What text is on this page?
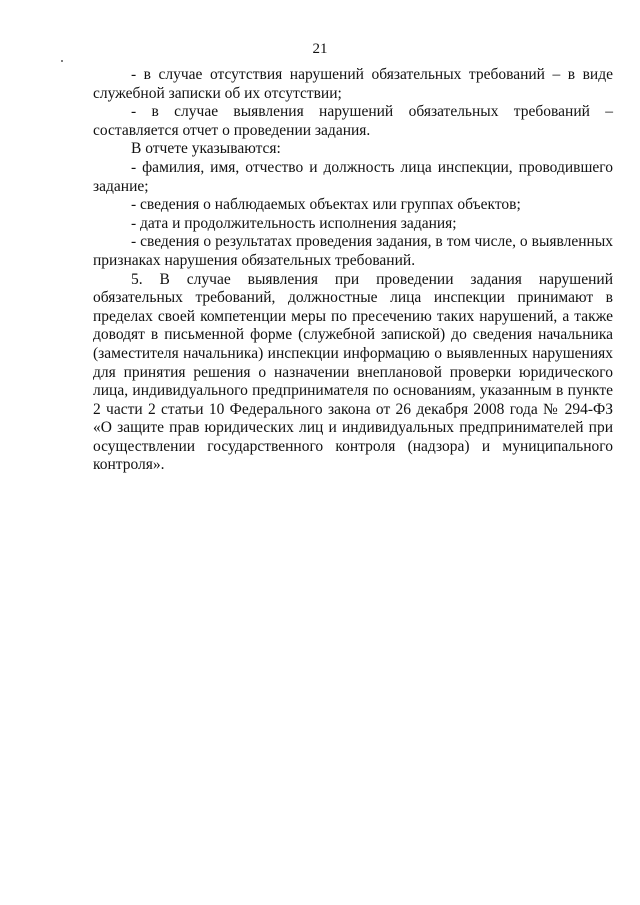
21

- в случае отсутствия нарушений обязательных требований – в виде служебной записки об их отсутствии;

- в случае выявления нарушений обязательных требований – составляется отчет о проведении задания.

В отчете указываются:

- фамилия, имя, отчество и должность лица инспекции, проводившего задание;

- сведения о наблюдаемых объектах или группах объектов;

- дата и продолжительность исполнения задания;

- сведения о результатах проведения задания, в том числе, о выявленных признаках нарушения обязательных требований.

5. В случае выявления при проведении задания нарушений обязательных требований, должностные лица инспекции принимают в пределах своей компетенции меры по пресечению таких нарушений, а также доводят в письменной форме (служебной запиской) до сведения начальника (заместителя начальника) инспекции информацию о выявленных нарушениях для принятия решения о назначении внеплановой проверки юридического лица, индивидуального предпринимателя по основаниям, указанным в пункте 2 части 2 статьи 10 Федерального закона от 26 декабря 2008 года № 294-ФЗ «О защите прав юридических лиц и индивидуальных предпринимателей при осуществлении государственного контроля (надзора) и муниципального контроля».
